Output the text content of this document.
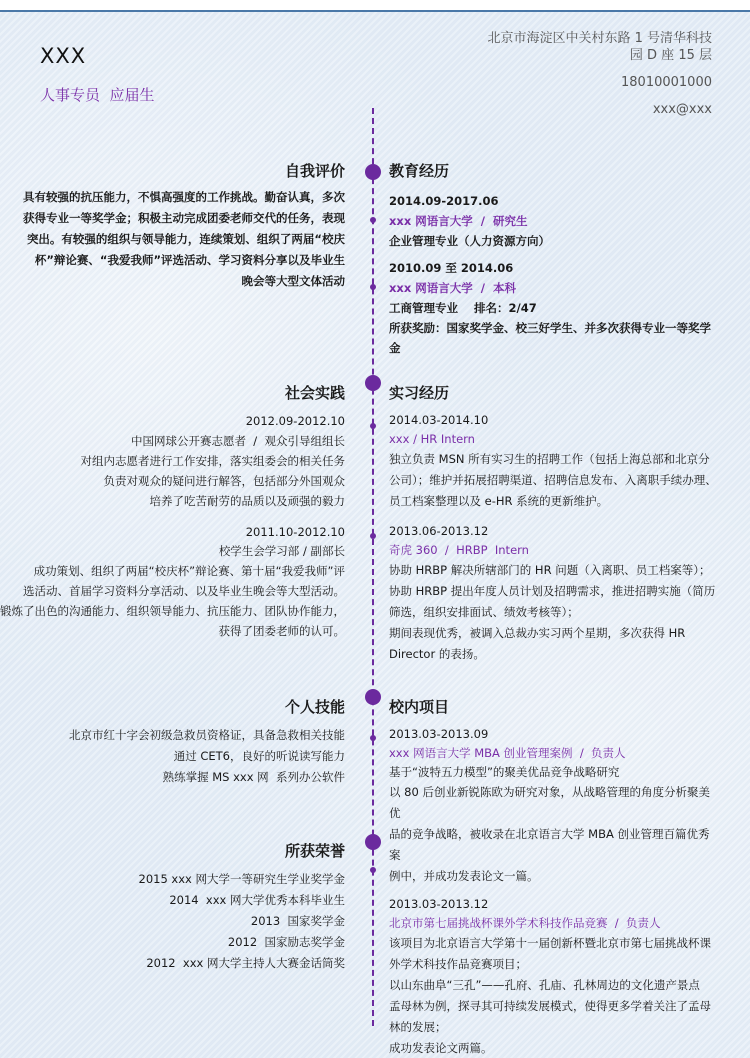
XXX
人事专员  应届生
北京市海淀区中关村东路 1 号清华科技园 D 座 15 层
18010001000
xxx@xxx
自我评价
具有较强的抗压能力，不惧高强度的工作挑战。勤奋认真，多次
获得专业一等奖学金；积极主动完成团委老师交代的任务，表现
突出。有较强的组织与领导能力，连续策划、组织了两届“校庆
杯”辩论赛、“我爱我师”评选活动、学习资料分享以及毕业生
晚会等大型文体活动
教育经历
2014.09-2017.06
xxx 网语言大学  /  研究生
企业管理专业（人力资源方向）
2010.09 至 2014.06
xxx 网语言大学  /  本科
工商管理专业    排名：2/47
所获奖励：国家奖学金、校三好学生、并多次获得专业一等奖学
金
社会实践
2012.09-2012.10
中国网球公开赛志愿者  /  观众引导组组长
对组内志愿者进行工作安排，落实组委会的相关任务
负责对观众的疑问进行解答，包括部分外国观众
培养了吃苦耐劳的品质以及顽强的毅力
2011.10-2012.10
校学生会学习部 / 副部长
成功策划、组织了两届“校庆杯”辩论赛、第十届“我爱我师”评
选活动、首届学习资料分享活动、以及毕业生晚会等大型活动。
锻炼了出色的沟通能力、组织领导能力、抗压能力、团队协作能力，
获得了团委老师的认可。
实习经历
2014.03-2014.10
xxx / HR Intern
独立负责 MSN 所有实习生的招聘工作（包括上海总部和北京分
公司）；维护并拓展招聘渠道、招聘信息发布、入离职手续办理、
员工档案整理以及 e-HR 系统的更新维护。
2013.06-2013.12
奇虎 360  /  HRBP  Intern
协助 HRBP 解决所辖部门的 HR 问题（入离职、员工档案等）；
协助 HRBP 提出年度人员计划及招聘需求，推进招聘实施（简历
筛选，组织安排面试、绩效考核等）；
期间表现优秀，被调入总裁办实习两个星期，多次获得 HR
Director 的表扬。
个人技能
北京市红十字会初级急救员资格证，具备急救相关技能
通过 CET6，良好的听说读写能力
熟练掌握 MS xxx 网  系列办公软件
校内项目
2013.03-2013.09
xxx 网语言大学 MBA 创业管理案例  /  负责人
基于“波特五力模型”的聚美优品竞争战略研究
以 80 后创业新锐陈欧为研究对象，从战略管理的角度分析聚美优
品的竞争战略，被收录在北京语言大学 MBA 创业管理百篇优秀案
例中，并成功发表论文一篇。
2013.03-2013.12
北京市第七届挑战杯课外学术科技作品竞赛  /  负责人
该项目为北京语言大学第十一届创新杯暨北京市第七届挑战杯课
外学术科技作品竞赛项目；
以山东曲阜“三孔”——孔府、孔庙、孔林周边的文化遗产景点
孟母林为例，探寻其可持续发展模式，使得更多学着关注了孟母
林的发展；
成功发表论文两篇。
所获荣誉
2015 xxx 网大学一等研究生学业奖学金
2014  xxx 网大学优秀本科毕业生
2013  国家奖学金
2012  国家励志奖学金
2012  xxx 网大学主持人大赛金话筒奖
